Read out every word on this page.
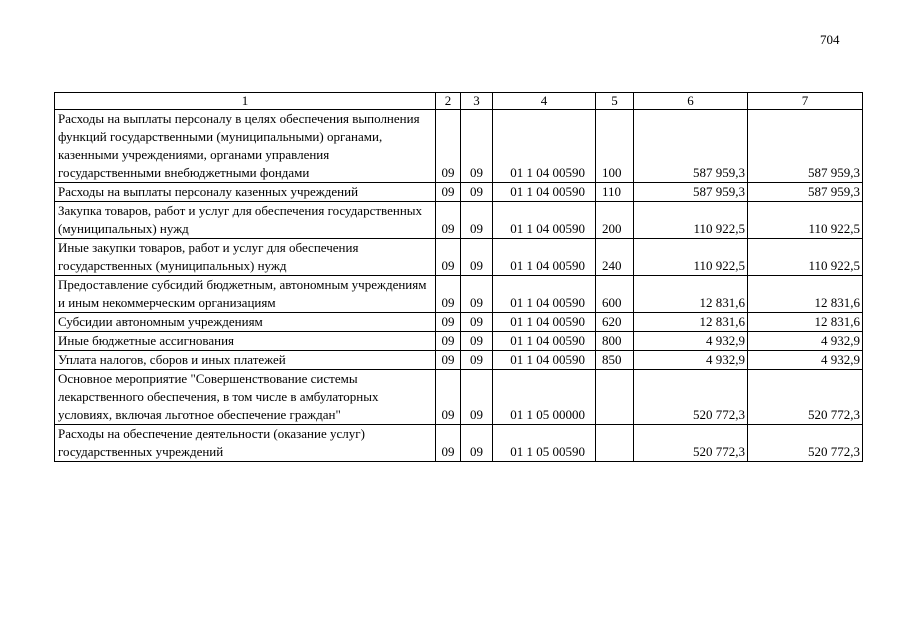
704
1	2	3	4	5	6	7
Расходы на выплаты персоналу в целях обеспечения выполнения функций государственными (муниципальными) органами, казенными учреждениями, органами управления государственными внебюджетными фондами	09	09	01 1 04 00590	100	587 959,3	587 959,3
Расходы на выплаты персоналу казенных учреждений	09	09	01 1 04 00590	110	587 959,3	587 959,3
Закупка товаров, работ и услуг для обеспечения государственных (муниципальных) нужд	09	09	01 1 04 00590	200	110 922,5	110 922,5
Иные закупки товаров, работ и услуг для обеспечения государственных (муниципальных) нужд	09	09	01 1 04 00590	240	110 922,5	110 922,5
Предоставление субсидий бюджетным, автономным учреждениям и иным некоммерческим организациям	09	09	01 1 04 00590	600	12 831,6	12 831,6
Субсидии автономным учреждениям	09	09	01 1 04 00590	620	12 831,6	12 831,6
Иные бюджетные ассигнования	09	09	01 1 04 00590	800	4 932,9	4 932,9
Уплата налогов, сборов и иных платежей	09	09	01 1 04 00590	850	4 932,9	4 932,9
Основное мероприятие "Совершенствование системы лекарственного обеспечения, в том числе в амбулаторных условиях, включая льготное обеспечение граждан"	09	09	01 1 05 00000		520 772,3	520 772,3
Расходы на обеспечение деятельности (оказание услуг) государственных учреждений	09	09	01 1 05 00590		520 772,3	520 772,3
